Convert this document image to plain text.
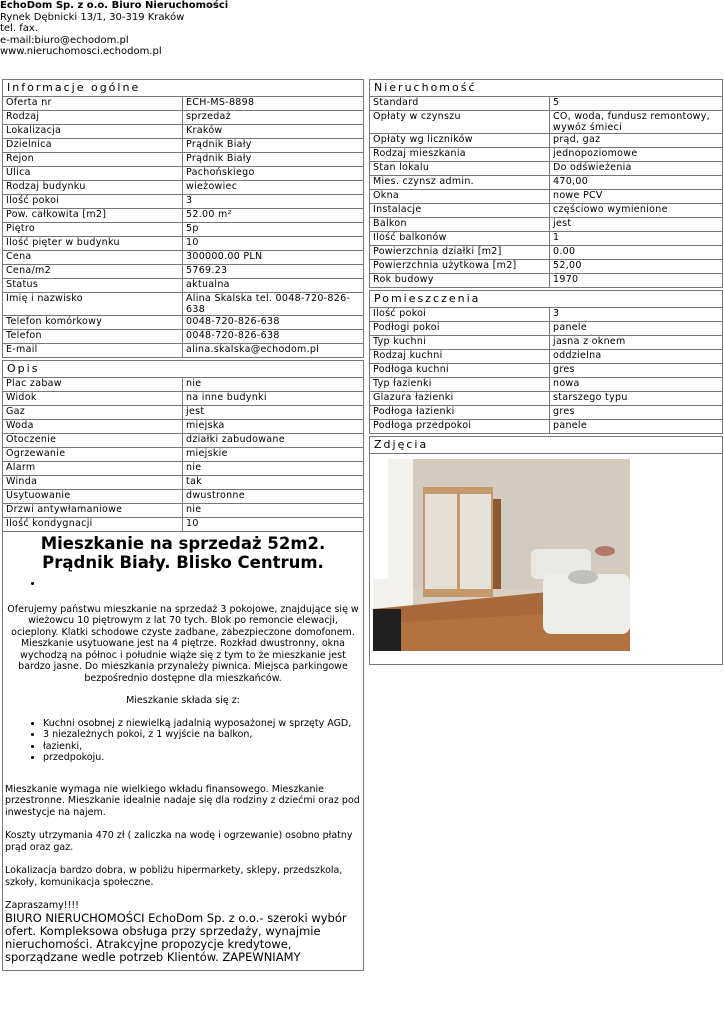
EchoDom Sp. z o.o. Biuro Nieruchomości
Rynek Dębnicki 13/1, 30-319 Kraków
tel. fax.
e-mail:biuro@echodom.pl
www.nieruchomosci.echodom.pl
Informacje ogólne
Oferta nr	ECH-MS-8898
Rodzaj	sprzedaż
Lokalizacja	Kraków
Dzielnica	Prądnik Biały
Rejon	Prądnik Biały
Ulica	Pachońskiego
Rodzaj budynku	wieżowiec
Ilość pokoi	3
Pow. całkowita [m2]	52.00 m²
Piętro	5p
Ilość pięter w budynku	10
Cena	300000.00 PLN
Cena/m2	5769.23
Status	aktualna
Imię i nazwisko	Alina Skalska tel. 0048-720-826-638
Telefon komórkowy	0048-720-826-638
Telefon	0048-720-826-638
E-mail	alina.skalska@echodom.pl
Opis
Plac zabaw	nie
Widok	na inne budynki
Gaz	jest
Woda	miejska
Otoczenie	działki zabudowane
Ogrzewanie	miejskie
Alarm	nie
Winda	tak
Usytuowanie	dwustronne
Drzwi antywłamaniowe	nie
Ilość kondygnacji	10
Mieszkanie na sprzedaż 52m2. Prądnik Biały. Blisko Centrum.
•
Oferujemy państwu mieszkanie na sprzedaż 3 pokojowe, znajdujące się w wieżowcu 10 piętrowym z lat 70 tych. Blok po remoncie elewacji, ocieplony. Klatki schodowe czyste zadbane, zabezpieczone domofonem. Mieszkanie usytuowane jest na 4 piętrze. Rozkład dwustronny, okna wychodzą na północ i południe wiąże się z tym to że mieszkanie jest bardzo jasne. Do mieszkania przynależy piwnica. Miejsca parkingowe bezpośrednio dostępne dla mieszkańców.
Mieszkanie składa się z:
• Kuchni osobnej z niewielką jadalnią wyposażonej w sprzęty AGD,
• 3 niezależnych pokoi, z 1 wyjście na balkon,
• łazienki,
• przedpokoju.

Mieszkanie wymaga nie wielkiego wkładu finansowego. Mieszkanie przestronne. Mieszkanie idealnie nadaje się dla rodziny z dziećmi oraz pod inwestycje na najem.

Koszty utrzymania 470 zł ( zaliczka na wodę i ogrzewanie) osobno płatny prąd oraz gaz.

Lokalizacja bardzo dobra, w pobliżu hipermarkety, sklepy, przedszkola, szkoły, komunikacja społeczne.

Zapraszamy!!!!

BIURO NIERUCHOMOŚCI EchoDom Sp. z o.o.- szeroki wybór ofert. Kompleksowa obsługa przy sprzedaży, wynajmie nieruchomości. Atrakcyjne propozycje kredytowe, sporządzane wedle potrzeb Klientów. ZAPEWNIAMY

Nieruchomość
Standard	5
Opłaty w czynszu	CO, woda, fundusz remontowy, wywóz śmieci
Opłaty wg liczników	prąd, gaz
Rodzaj mieszkania	jednopoziomowe
Stan lokalu	Do odświeżenia
Mies. czynsz admin.	470,00
Okna	nowe PCV
Instalacje	częściowo wymienione
Balkon	jest
Ilość balkonów	1
Powierzchnia działki [m2]	0.00
Powierzchnia użytkowa [m2]	52,00
Rok budowy	1970
Pomieszczenia
Ilość pokoi	3
Podłogi pokoi	panele
Typ kuchni	jasna z oknem
Rodzaj kuchni	oddzielna
Podłoga kuchni	gres
Typ łazienki	nowa
Glazura łazienki	starszego typu
Podłoga łazienki	gres
Podłoga przedpokoi	panele
Zdjęcia
